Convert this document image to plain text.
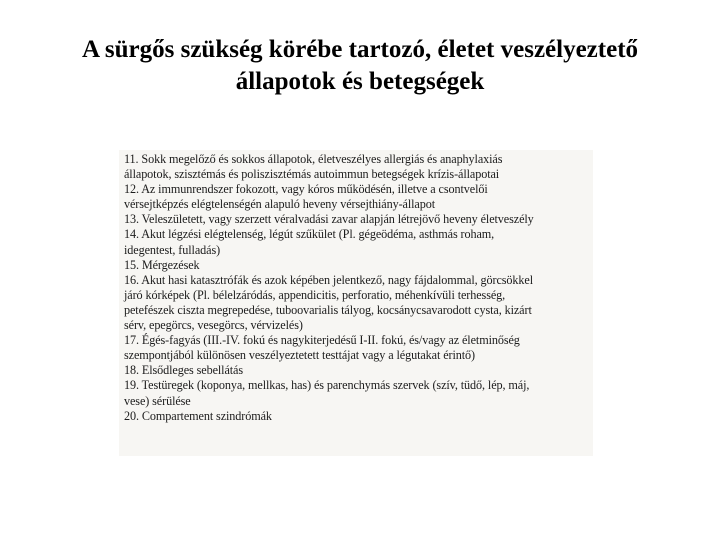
A sürgős szükség körébe tartozó, életet veszélyeztető
állapotok és betegségek
11. Sokk megelőző és sokkos állapotok, életveszélyes allergiás és anaphylaxiás
állapotok, szisztémás és poliszisztémás autoimmun betegségek krízis-állapotai
12. Az immunrendszer fokozott, vagy kóros működésén, illetve a csontvelői
vérsejtképzés elégtelenségén alapuló heveny vérsejthiány-állapot
13. Veleszületett, vagy szerzett véralvadási zavar alapján létrejövő heveny életveszély
14. Akut légzési elégtelenség, légút szűkület (Pl. gégeödéma, asthmás roham,
idegentest, fulladás)
15. Mérgezések
16. Akut hasi katasztrófák és azok képében jelentkező, nagy fájdalommal, görcsökkel
járó kórképek (Pl. bélelzáródás, appendicitis, perforatio, méhenkívüli terhesség,
petefészek ciszta megrepedése, tuboovarialis tályog, kocsánycsavarodott cysta, kizárt
sérv, epegörcs, vesegörcs, vérvizelés)
17. Égés-fagyás (III.-IV. fokú és nagykiterjedésű I-II. fokú, és/vagy az életminőség
szempontjából különösen veszélyeztetett testtájat vagy a légutakat érintő)
18. Elsődleges sebellátás
19. Testüregek (koponya, mellkas, has) és parenchymás szervek (szív, tüdő, lép, máj,
vese) sérülése
20. Compartement szindrómák
